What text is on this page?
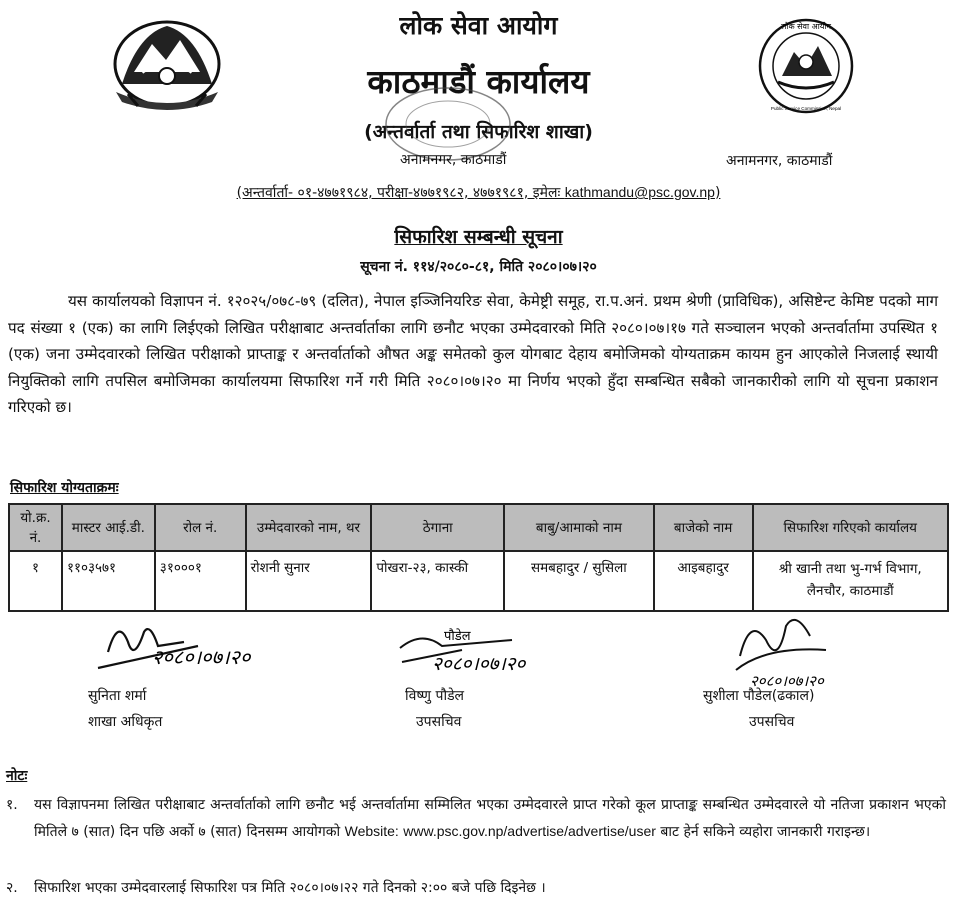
लोक सेवा आयोग
Public Service Commission, Nepal
लोक सेवा आयोग
काठमाडौं कार्यालय
(अन्तर्वार्ता तथा सिफारिश शाखा)
अनामनगर, काठमाडौं	अनामनगर, काठमाडौं
(अन्तर्वार्ता- ०१-४७७१९८४, परीक्षा-४७७१९८२, ४७७१९८१, इमेलः kathmandu@psc.gov.np)
सिफारिश सम्बन्धी सूचना
सूचना नं. ११४/२०८०-८१, मिति २०८०।०७।२०
यस कार्यालयको विज्ञापन नं. १२०२५/०७८-७९ (दलित), नेपाल इञ्जिनियरिङ सेवा, केमेष्ट्री समूह, रा.प.अनं. प्रथम श्रेणी (प्राविधिक), असिष्टेन्ट केमिष्ट पदको माग पद संख्या १ (एक) का लागि लिईएको लिखित परीक्षाबाट अन्तर्वार्ताका लागि छनौट भएका उम्मेदवारको मिति २०८०।०७।१७ गते सञ्चालन भएको अन्तर्वार्तामा उपस्थित १ (एक) जना उम्मेदवारको लिखित परीक्षाको प्राप्ताङ्क र अन्तर्वार्ताको औषत अङ्क समेतको कुल योगबाट देहाय बमोजिमको योग्यताक्रम कायम हुन आएकोले निजलाई स्थायी नियुक्तिको लागि तपसिल बमोजिमका कार्यालयमा सिफारिश गर्ने गरी मिति २०८०।०७।२० मा निर्णय भएको हुँदा सम्बन्धित सबैको जानकारीको लागि यो सूचना प्रकाशन गरिएको छ।
सिफारिश योग्यताक्रमः
यो.क्र. नं.	मास्टर आई.डी.	रोल नं.	उम्मेदवारको नाम, थर	ठेगाना	बाबु/आमाको नाम	बाजेको नाम	सिफारिश गरिएको कार्यालय
१	११०३५७१	३१०००१	रोशनी सुनार	पोखरा-२३, कास्की	समबहादुर / सुसिला	आइबहादुर	श्री खानी तथा भु-गर्भ विभाग, लैनचौर, काठमाडौं
२०८०।०७।२०
सुनिता शर्मा
शाखा अधिकृत
पौडेल
२०८०।०७।२०
विष्णु पौडेल
उपसचिव
२०८०।०७।२०
सुशीला पौडेल(ढकाल)
उपसचिव
नोटः
१. यस विज्ञापनमा लिखित परीक्षाबाट अन्तर्वार्ताको लागि छनौट भई अन्तर्वार्तामा सम्मिलित भएका उम्मेदवारले प्राप्त गरेको कूल प्राप्ताङ्क सम्बन्धित उम्मेदवारले यो नतिजा प्रकाशन भएको मितिले ७ (सात) दिन पछि अर्को ७ (सात) दिनसम्म आयोगको Website: www.psc.gov.np/advertise/advertise/user बाट हेर्न सकिने व्यहोरा जानकारी गराइन्छ।
२. सिफारिश भएका उम्मेदवारलाई सिफारिश पत्र मिति २०८०।०७।२२ गते दिनको २:०० बजे पछि दिइनेछ ।
